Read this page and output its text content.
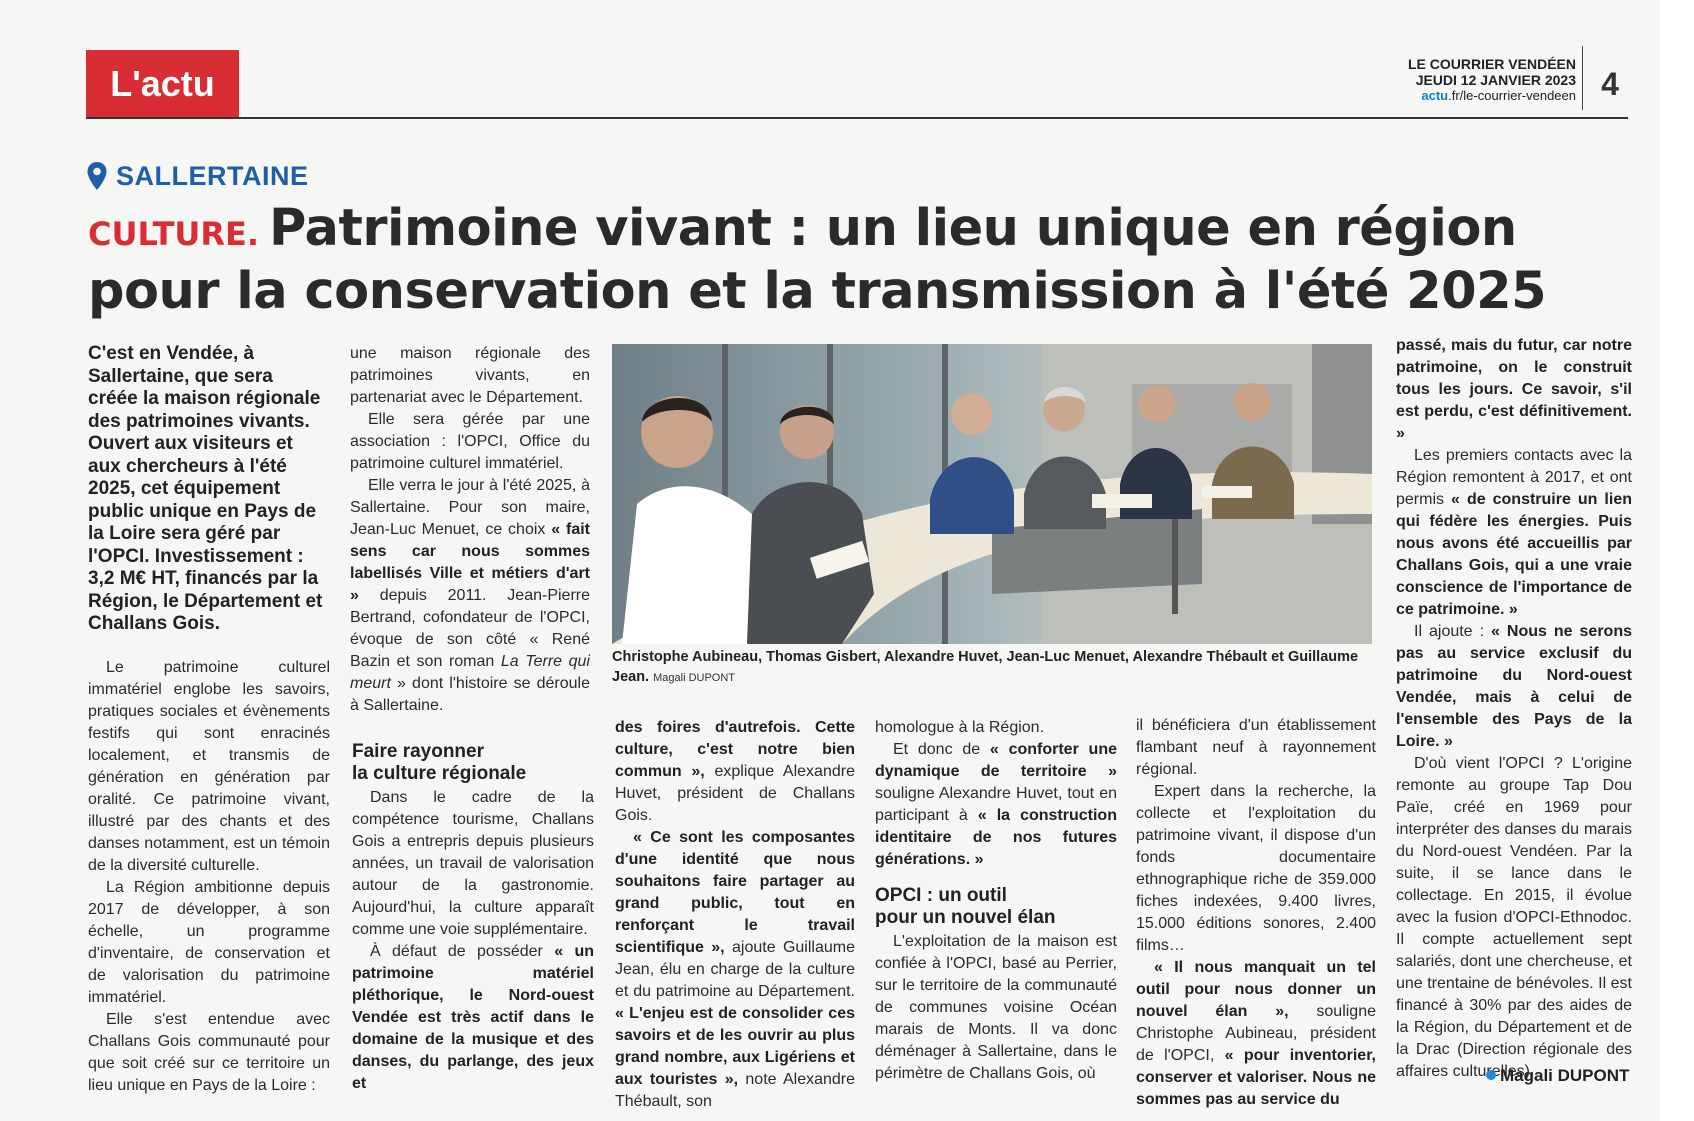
L'actu	LE COURRIER VENDÉEN
JEUDI 12 JANVIER 2023
actu.fr/le-courrier-vendeen 4
SALLERTAINE
CULTURE. Patrimoine vivant : un lieu unique en région
pour la conservation et la transmission à l'été 2025
C'est en Vendée, à Sallertaine, que sera créée la maison régionale des patrimoines vivants. Ouvert aux visiteurs et aux chercheurs à l'été 2025, cet équipement public unique en Pays de la Loire sera géré par l'OPCI. Investissement : 3,2 M€ HT, financés par la Région, le Département et Challans Gois.

Le patrimoine culturel immatériel englobe les savoirs, pratiques sociales et évènements festifs qui sont enracinés localement, et transmis de génération en génération par oralité. Ce patrimoine vivant, illustré par des chants et des danses notamment, est un témoin de la diversité culturelle.

La Région ambitionne depuis 2017 de développer, à son échelle, un programme d'inventaire, de conservation et de valorisation du patrimoine immatériel.

Elle s'est entendue avec Challans Gois communauté pour que soit créé sur ce territoire un lieu unique en Pays de la Loire :

une maison régionale des patrimoines vivants, en partenariat avec le Département.

Elle sera gérée par une association : l'OPCI, Office du patrimoine culturel immatériel.

Elle verra le jour à l'été 2025, à Sallertaine. Pour son maire, Jean-Luc Menuet, ce choix « fait sens car nous sommes labellisés Ville et métiers d'art » depuis 2011. Jean-Pierre Bertrand, cofondateur de l'OPCI, évoque de son côté « René Bazin et son roman La Terre qui meurt » dont l'histoire se déroule à Sallertaine.

Faire rayonner
la culture régionale

Dans le cadre de la compétence tourisme, Challans Gois a entrepris depuis plusieurs années, un travail de valorisation autour de la gastronomie. Aujourd'hui, la culture apparaît comme une voie supplémentaire.

À défaut de posséder « un patrimoine matériel pléthorique, le Nord-ouest Vendée est très actif dans le domaine de la musique et des danses, du parlange, des jeux et

Christophe Aubineau, Thomas Gisbert, Alexandre Huvet, Jean-Luc Menuet, Alexandre Thébault et Guillaume Jean. Magali DUPONT

des foires d'autrefois. Cette culture, c'est notre bien commun », explique Alexandre Huvet, président de Challans Gois.

« Ce sont les composantes d'une identité que nous souhaitons faire partager au grand public, tout en renforçant le travail scientifique », ajoute Guillaume Jean, élu en charge de la culture et du patrimoine au Département. « L'enjeu est de consolider ces savoirs et de les ouvrir au plus grand nombre, aux Ligériens et aux touristes », note Alexandre Thébault, son

homologue à la Région.

Et donc de « conforter une dynamique de territoire » souligne Alexandre Huvet, tout en participant à « la construction identitaire de nos futures générations. »

OPCI : un outil
pour un nouvel élan

L'exploitation de la maison est confiée à l'OPCI, basé au Perrier, sur le territoire de la communauté de communes voisine Océan marais de Monts. Il va donc déménager à Sallertaine, dans le périmètre de Challans Gois, où

il bénéficiera d'un établissement flambant neuf à rayonnement régional.

Expert dans la recherche, la collecte et l'exploitation du patrimoine vivant, il dispose d'un fonds documentaire ethnographique riche de 359.000 fiches indexées, 9.400 livres, 15.000 éditions sonores, 2.400 films…

« Il nous manquait un tel outil pour nous donner un nouvel élan », souligne Christophe Aubineau, président de l'OPCI, « pour inventorier, conserver et valoriser. Nous ne sommes pas au service du

passé, mais du futur, car notre patrimoine, on le construit tous les jours. Ce savoir, s'il est perdu, c'est définitivement. »

Les premiers contacts avec la Région remontent à 2017, et ont permis « de construire un lien qui fédère les énergies. Puis nous avons été accueillis par Challans Gois, qui a une vraie conscience de l'importance de ce patrimoine. »

Il ajoute : « Nous ne serons pas au service exclusif du patrimoine du Nord-ouest Vendée, mais à celui de l'ensemble des Pays de la Loire. »

D'où vient l'OPCI ? L'origine remonte au groupe Tap Dou Païe, créé en 1969 pour interpréter des danses du marais du Nord-ouest Vendéen. Par la suite, il se lance dans le collectage. En 2015, il évolue avec la fusion d'OPCI-Ethnodoc. Il compte actuellement sept salariés, dont une chercheuse, et une trentaine de bénévoles. Il est financé à 30% par des aides de la Région, du Département et de la Drac (Direction régionale des affaires culturelles).

Magali DUPONT
